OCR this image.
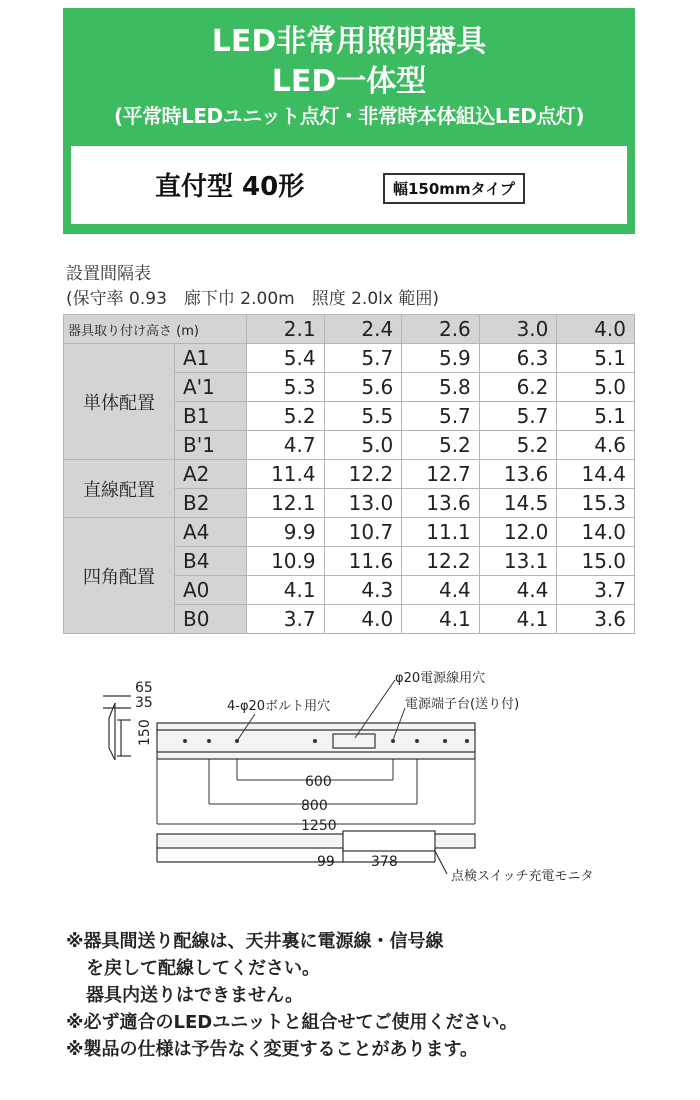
LED非常用照明器具
LED一体型
(平常時LEDユニット点灯・非常時本体組込LED点灯)
直付型 40形	幅150mmタイプ
設置間隔表
(保守率 0.93　廊下巾 2.00m　照度 2.0lx 範囲)
器具取り付け高さ (m)		2.1	2.4	2.6	3.0	4.0
単体配置	A1	5.4	5.7	5.9	6.3	5.1
	A'1	5.3	5.6	5.8	6.2	5.0
	B1	5.2	5.5	5.7	5.7	5.1
	B'1	4.7	5.0	5.2	5.2	4.6
直線配置	A2	11.4	12.2	12.7	13.6	14.4
	B2	12.1	13.0	13.6	14.5	15.3
四角配置	A4	9.9	10.7	11.1	12.0	14.0
	B4	10.9	11.6	12.2	13.1	15.0
	A0	4.1	4.3	4.4	4.4	3.7
	B0	3.7	4.0	4.1	4.1	3.6
65
35
150
4-φ20ボルト用穴
φ20電源線用穴
電源端子台(送り付)
600
800
1250
99	378
点検スイッチ充電モニタ
※器具間送り配線は、天井裏に電源線・信号線
を戻して配線してください。
器具内送りはできません。
※必ず適合のLEDユニットと組合せてご使用ください。
※製品の仕様は予告なく変更することがあります。
